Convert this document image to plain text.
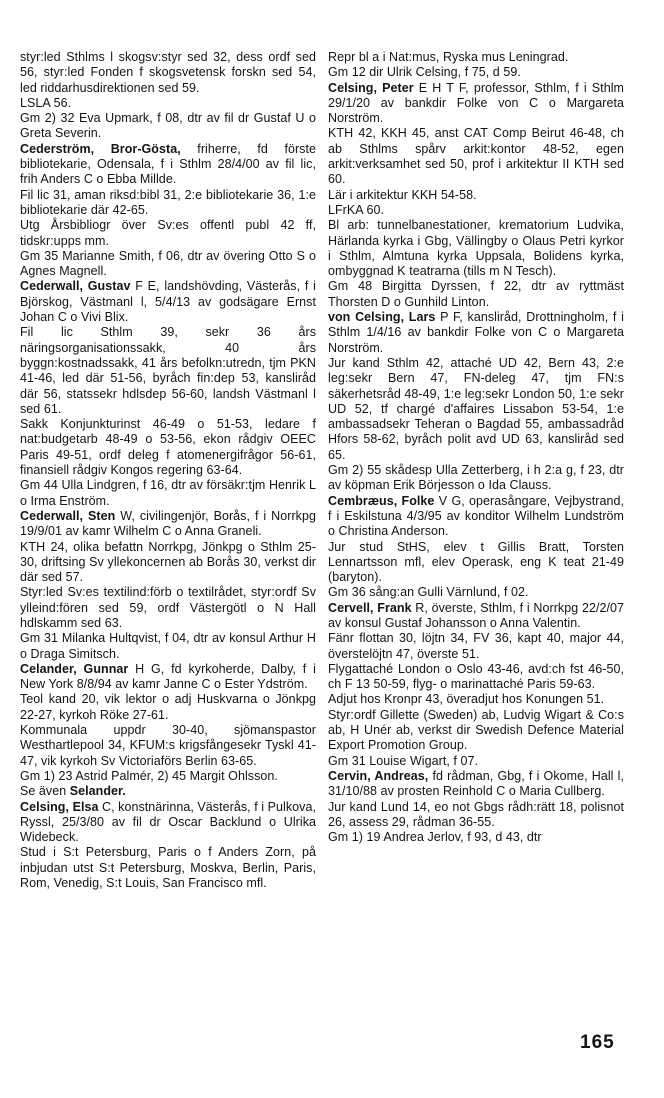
styr:led Sthlms l skogsv:styr sed 32, dess ordf sed 56, styr:led Fonden f skogsvetensk forskn sed 54, led riddarhusdirektionen sed 59.

LSLA 56.

Gm 2) 32 Eva Upmark, f 08, dtr av fil dr Gustaf U o Greta Severin.

Cederström, Bror-Gösta, friherre, fd förste bibliotekarie, Odensala, f i Sthlm 28/4/00 av fil lic, frih Anders C o Ebba Millde.

Fil lic 31, aman riksd:bibl 31, 2:e bibliotekarie 36, 1:e bibliotekarie där 42-65.

Utg Årsbibliogr över Sv:es offentl publ 42 ff, tidskr:upps mm.

Gm 35 Marianne Smith, f 06, dtr av övering Otto S o Agnes Magnell.

Cederwall, Gustav F E, landshövding, Västerås, f i Björskog, Västmanl l, 5/4/13 av godsägare Ernst Johan C o Vivi Blix.

Fil lic Sthlm 39, sekr 36 års näringsorganisationssakk, 40 års byggn:kostnadssakk, 41 års befolkn:utredn, tjm PKN 41-46, led där 51-56, byråch fin:dep 53, kansliråd där 56, statssekr hdlsdep 56-60, landsh Västmanl l sed 61.

Sakk Konjunkturinst 46-49 o 51-53, ledare f nat:budgetarb 48-49 o 53-56, ekon rådgiv OEEC Paris 49-51, ordf deleg f atomenergifrågor 56-61, finansiell rådgiv Kongos regering 63-64.

Gm 44 Ulla Lindgren, f 16, dtr av försäkr:tjm Henrik L o Irma Enström.

Cederwall, Sten W, civilingenjör, Borås, f i Norrkpg 19/9/01 av kamr Wilhelm C o Anna Graneli.

KTH 24, olika befattn Norrkpg, Jönkpg o Sthlm 25-30, driftsing Sv yllekoncernen ab Borås 30, verkst dir där sed 57.

Styr:led Sv:es textilind:förb o textilrådet, styr:ordf Sv ylleind:fören sed 59, ordf Västergötl o N Hall hdlskamm sed 63.

Gm 31 Milanka Hultqvist, f 04, dtr av konsul Arthur H o Draga Simitsch.

Celander, Gunnar H G, fd kyrkoherde, Dalby, f i New York 8/8/94 av kamr Janne C o Ester Ydström.

Teol kand 20, vik lektor o adj Huskvarna o Jönkpg 22-27, kyrkoh Röke 27-61.

Kommunala uppdr 30-40, sjömanspastor Westhartlepool 34, KFUM:s krigsfångesekr Tyskl 41-47, vik kyrkoh Sv Victoriaförs Berlin 63-65.

Gm 1) 23 Astrid Palmér, 2) 45 Margit Ohlsson.

Se även Selander.

Celsing, Elsa C, konstnärinna, Västerås, f i Pulkova, Ryssl, 25/3/80 av fil dr Oscar Backlund o Ulrika Widebeck.

Stud i S:t Petersburg, Paris o f Anders Zorn, på inbjudan utst S:t Petersburg, Moskva, Berlin, Paris, Rom, Venedig, S:t Louis, San Francisco mfl.

Repr bl a i Nat:mus, Ryska mus Leningrad.

Gm 12 dir Ulrik Celsing, f 75, d 59.

Celsing, Peter E H T F, professor, Sthlm, f i Sthlm 29/1/20 av bankdir Folke von C o Margareta Norström.

KTH 42, KKH 45, anst CAT Comp Beirut 46-48, ch ab Sthlms spårv arkit:kontor 48-52, egen arkit:verksamhet sed 50, prof i arkitektur II KTH sed 60.

Lär i arkitektur KKH 54-58.

LFrKA 60.

Bl arb: tunnelbanestationer, krematorium Ludvika, Härlanda kyrka i Gbg, Vällingby o Olaus Petri kyrkor i Sthlm, Almtuna kyrka Uppsala, Bolidens kyrka, ombyggnad K teatrarna (tills m N Tesch).

Gm 48 Birgitta Dyrssen, f 22, dtr av ryttmäst Thorsten D o Gunhild Linton.

von Celsing, Lars P F, kansliråd, Drottningholm, f i Sthlm 1/4/16 av bankdir Folke von C o Margareta Norström.

Jur kand Sthlm 42, attaché UD 42, Bern 43, 2:e leg:sekr Bern 47, FN-deleg 47, tjm FN:s säkerhetsråd 48-49, 1:e leg:sekr London 50, 1:e sekr UD 52, tf chargé d'affaires Lissabon 53-54, 1:e ambassadsekr Teheran o Bagdad 55, ambassadråd Hfors 58-62, byråch polit avd UD 63, kansliråd sed 65.

Gm 2) 55 skådesp Ulla Zetterberg, i h 2:a g, f 23, dtr av köpman Erik Börjesson o Ida Clauss.

Cembræus, Folke V G, operasångare, Vejbystrand, f i Eskilstuna 4/3/95 av konditor Wilhelm Lundström o Christina Anderson.

Jur stud StHS, elev t Gillis Bratt, Torsten Lennartsson mfl, elev Operask, eng K teat 21-49 (baryton).

Gm 36 sång:an Gulli Värnlund, f 02.

Cervell, Frank R, överste, Sthlm, f i Norrkpg 22/2/07 av konsul Gustaf Johansson o Anna Valentin.

Fänr flottan 30, löjtn 34, FV 36, kapt 40, major 44, överstelöjtn 47, överste 51.

Flygattaché London o Oslo 43-46, avd:ch fst 46-50, ch F 13 50-59, flyg- o marinattaché Paris 59-63.

Adjut hos Kronpr 43, överadjut hos Konungen 51.

Styr:ordf Gillette (Sweden) ab, Ludvig Wigart & Co:s ab, H Unér ab, verkst dir Swedish Defence Material Export Promotion Group.

Gm 31 Louise Wigart, f 07.

Cervin, Andreas, fd rådman, Gbg, f i Okome, Hall l, 31/10/88 av prosten Reinhold C o Maria Cullberg.

Jur kand Lund 14, eo not Gbgs rådh:rätt 18, polisnot 26, assess 29, rådman 36-55.

Gm 1) 19 Andrea Jerlov, f 93, d 43, dtr

165
